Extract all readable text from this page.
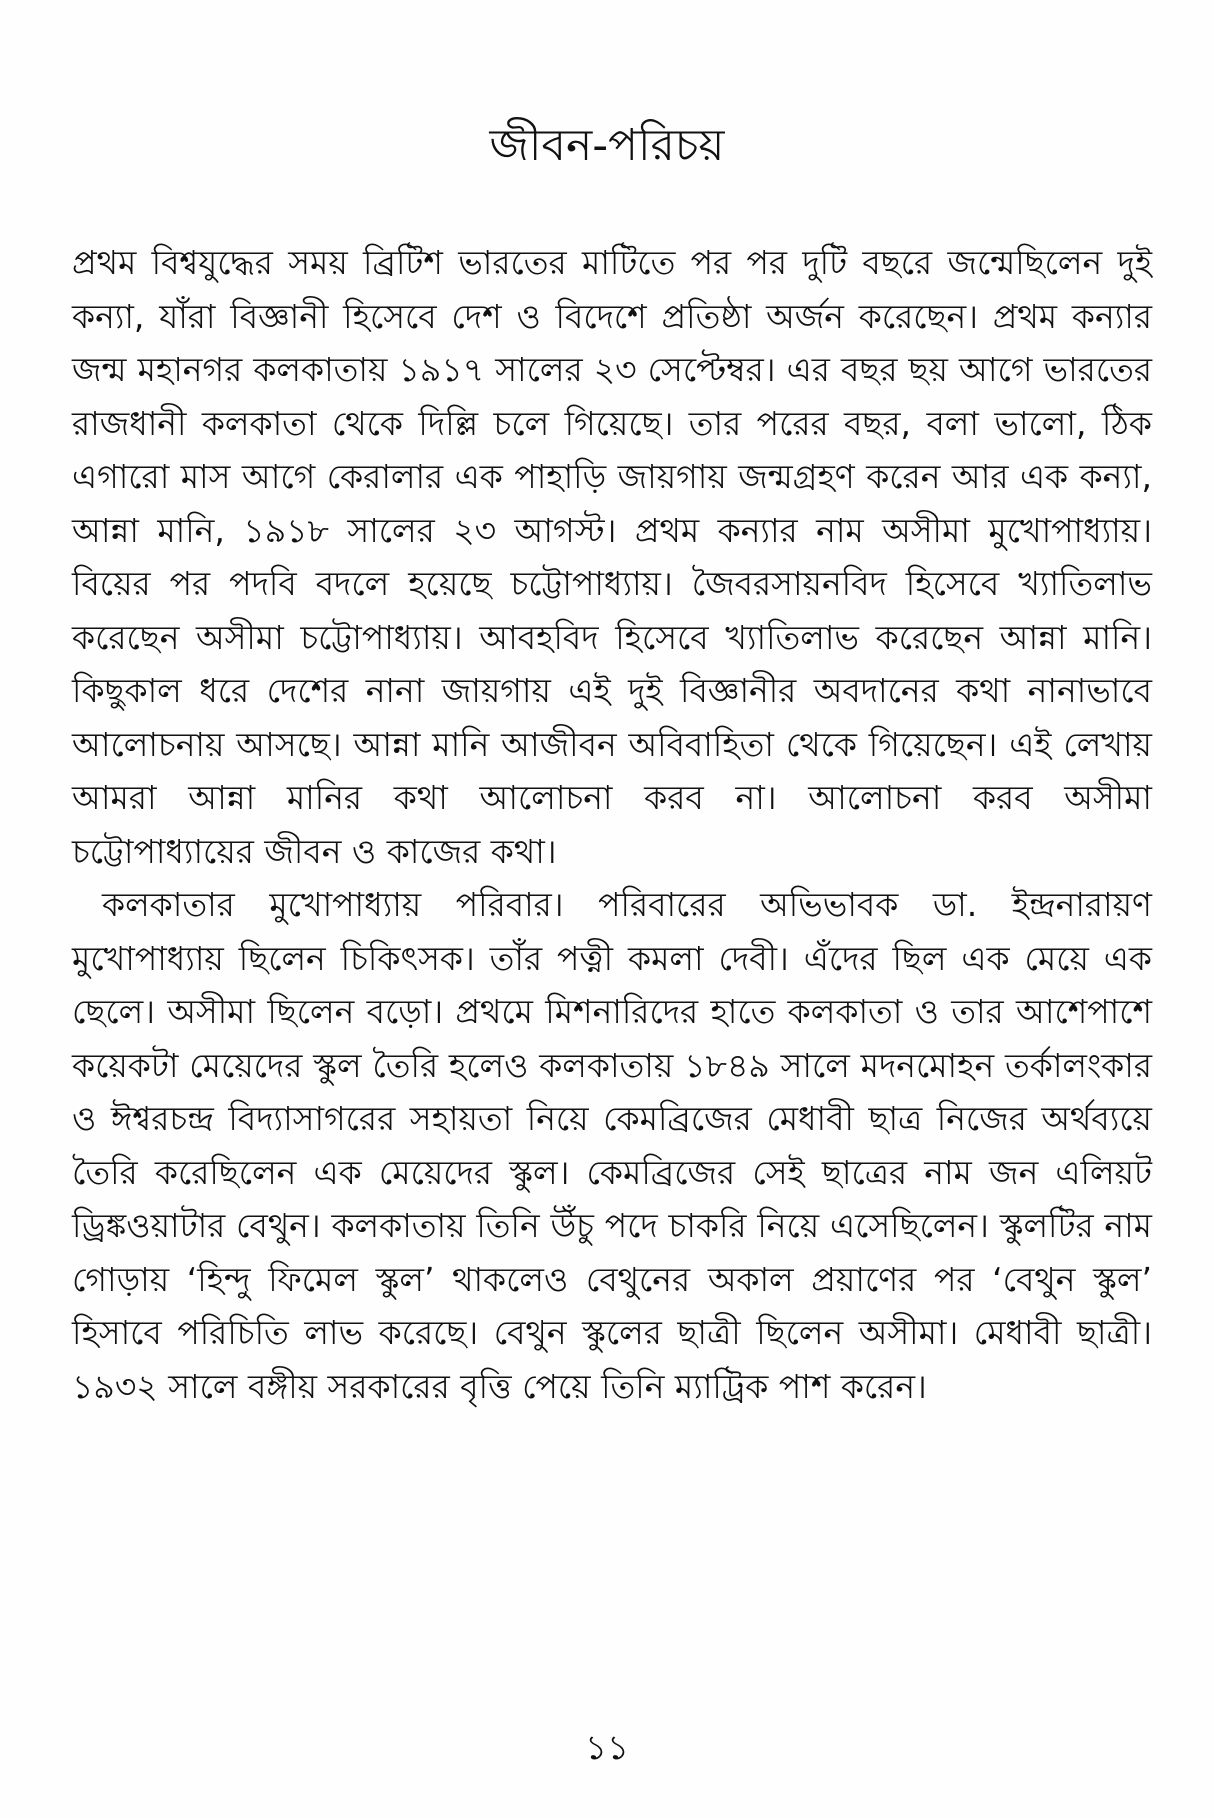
জীবন-পরিচয়

প্রথম বিশ্বযুদ্ধের সময় ব্রিটিশ ভারতের মাটিতে পর পর দুটি বছরে জন্মেছিলেন দুই কন্যা, যাঁরা বিজ্ঞানী হিসেবে দেশ ও বিদেশে প্রতিষ্ঠা অর্জন করেছেন। প্রথম কন্যার জন্ম মহানগর কলকাতায় ১৯১৭ সালের ২৩ সেপ্টেম্বর। এর বছর ছয় আগে ভারতের রাজধানী কলকাতা থেকে দিল্লি চলে গিয়েছে। তার পরের বছর, বলা ভালো, ঠিক এগারো মাস আগে কেরালার এক পাহাড়ি জায়গায় জন্মগ্রহণ করেন আর এক কন্যা, আন্না মানি, ১৯১৮ সালের ২৩ আগস্ট। প্রথম কন্যার নাম অসীমা মুখোপাধ্যায়। বিয়ের পর পদবি বদলে হয়েছে চট্টোপাধ্যায়। জৈবরসায়নবিদ হিসেবে খ্যাতিলাভ করেছেন অসীমা চট্টোপাধ্যায়। আবহবিদ হিসেবে খ্যাতিলাভ করেছেন আন্না মানি। কিছুকাল ধরে দেশের নানা জায়গায় এই দুই বিজ্ঞানীর অবদানের কথা নানাভাবে আলোচনায় আসছে। আন্না মানি আজীবন অবিবাহিতা থেকে গিয়েছেন। এই লেখায় আমরা আন্না মানির কথা আলোচনা করব না। আলোচনা করব অসীমা চট্টোপাধ্যায়ের জীবন ও কাজের কথা।

কলকাতার মুখোপাধ্যায় পরিবার। পরিবারের অভিভাবক ডা. ইন্দ্রনারায়ণ মুখোপাধ্যায় ছিলেন চিকিৎসক। তাঁর পত্নী কমলা দেবী। এঁদের ছিল এক মেয়ে এক ছেলে। অসীমা ছিলেন বড়ো। প্রথমে মিশনারিদের হাতে কলকাতা ও তার আশেপাশে কয়েকটা মেয়েদের স্কুল তৈরি হলেও কলকাতায় ১৮৪৯ সালে মদনমোহন তর্কালংকার ও ঈশ্বরচন্দ্র বিদ্যাসাগরের সহায়তা নিয়ে কেমব্রিজের মেধাবী ছাত্র নিজের অর্থব্যয়ে তৈরি করেছিলেন এক মেয়েদের স্কুল। কেমব্রিজের সেই ছাত্রের নাম জন এলিয়ট ড্রিঙ্কওয়াটার বেথুন। কলকাতায় তিনি উঁচু পদে চাকরি নিয়ে এসেছিলেন। স্কুলটির নাম গোড়ায় ‘হিন্দু ফিমেল স্কুল’ থাকলেও বেথুনের অকাল প্রয়াণের পর ‘বেথুন স্কুল’ হিসাবে পরিচিতি লাভ করেছে। বেথুন স্কুলের ছাত্রী ছিলেন অসীমা। মেধাবী ছাত্রী। ১৯৩২ সালে বঙ্গীয় সরকারের বৃত্তি পেয়ে তিনি ম্যাট্রিক পাশ করেন।

১১
